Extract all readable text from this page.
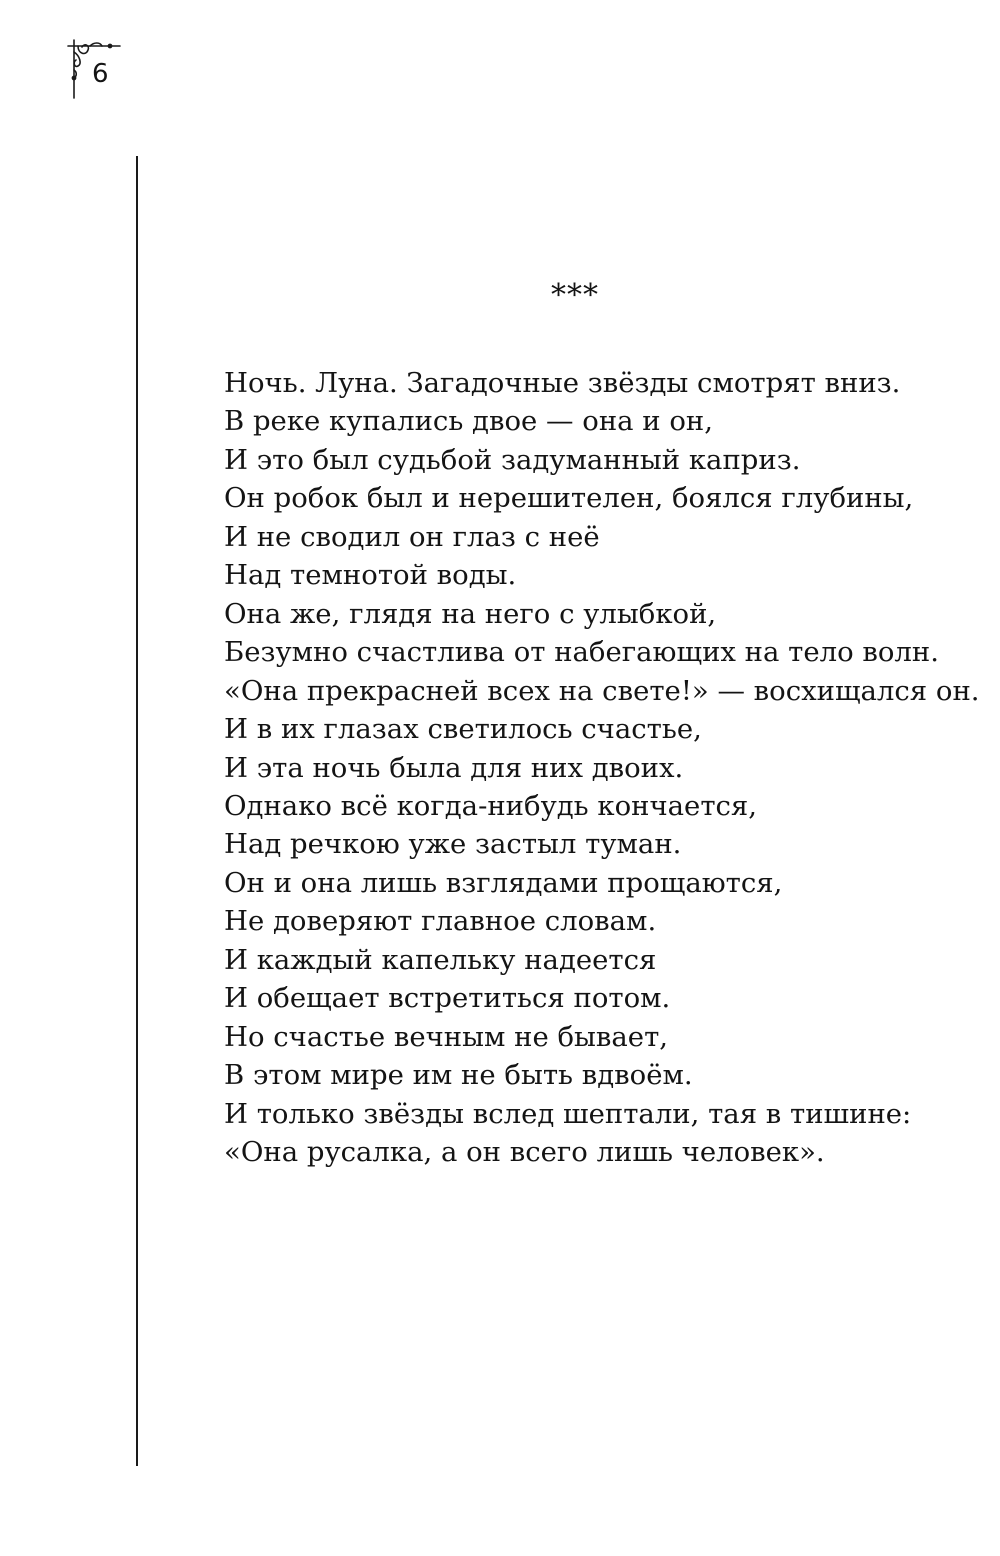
6
***
Ночь. Луна. Загадочные звёзды смотрят вниз.
В реке купались двое — она и он,
И это был судьбой задуманный каприз.
Он робок был и нерешителен, боялся глубины,
И не сводил он глаз с неё
Над темнотой воды.
Она же, глядя на него с улыбкой,
Безумно счастлива от набегающих на тело волн.
«Она прекрасней всех на свете!» — восхищался он.
И в их глазах светилось счастье,
И эта ночь была для них двоих.
Однако всё когда-нибудь кончается,
Над речкою уже застыл туман.
Он и она лишь взглядами прощаются,
Не доверяют главное словам.
И каждый капельку надеется
И обещает встретиться потом.
Но счастье вечным не бывает,
В этом мире им не быть вдвоём.
И только звёзды вслед шептали, тая в тишине:
«Она русалка, а он всего лишь человек».
